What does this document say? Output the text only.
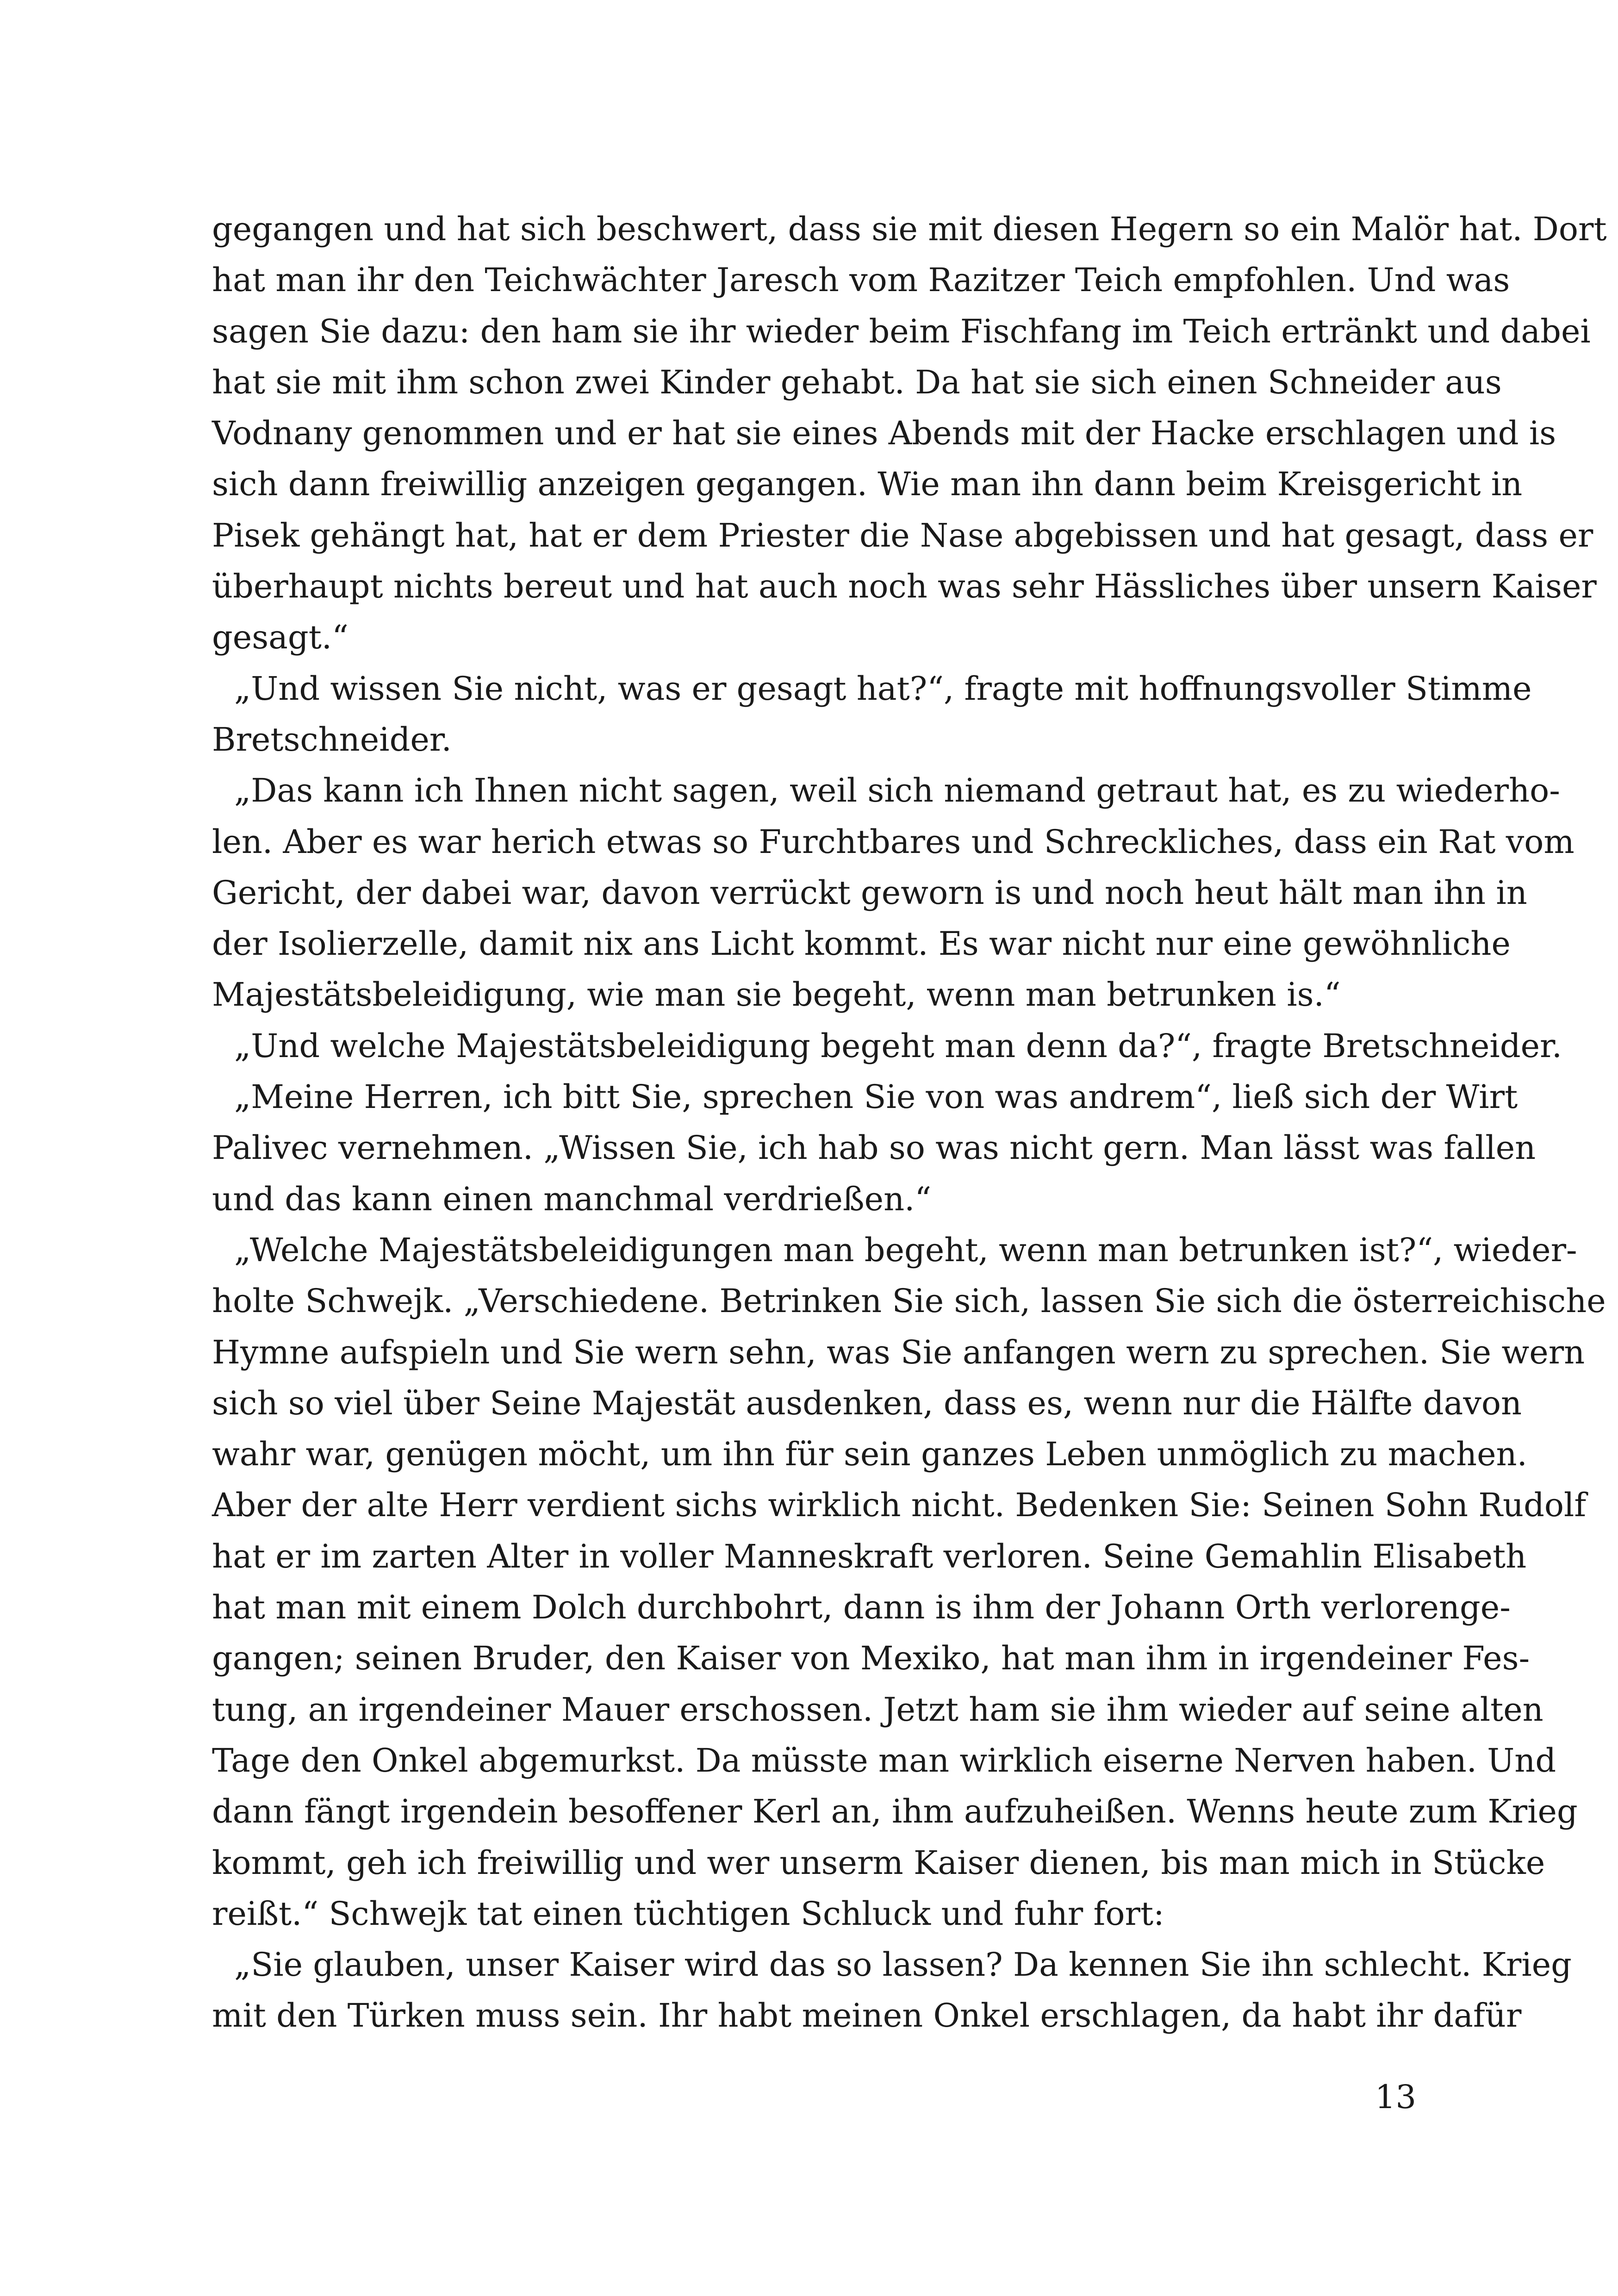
gegangen und hat sich beschwert, dass sie mit diesen Hegern so ein Malör hat. Dort
hat man ihr den Teichwächter Jaresch vom Razitzer Teich empfohlen. Und was
sagen Sie dazu: den ham sie ihr wieder beim Fischfang im Teich ertränkt und dabei
hat sie mit ihm schon zwei Kinder gehabt. Da hat sie sich einen Schneider aus
Vodnany genommen und er hat sie eines Abends mit der Hacke erschlagen und is
sich dann freiwillig anzeigen gegangen. Wie man ihn dann beim Kreisgericht in
Pisek gehängt hat, hat er dem Priester die Nase abgebissen und hat gesagt, dass er
überhaupt nichts bereut und hat auch noch was sehr Hässliches über unsern Kaiser
gesagt.“
„Und wissen Sie nicht, was er gesagt hat?“, fragte mit hoffnungsvoller Stimme
Bretschneider.
„Das kann ich Ihnen nicht sagen, weil sich niemand getraut hat, es zu wiederho-
len. Aber es war herich etwas so Furchtbares und Schreckliches, dass ein Rat vom
Gericht, der dabei war, davon verrückt geworn is und noch heut hält man ihn in
der Isolierzelle, damit nix ans Licht kommt. Es war nicht nur eine gewöhnliche
Majestätsbeleidigung, wie man sie begeht, wenn man betrunken is.“
„Und welche Majestätsbeleidigung begeht man denn da?“, fragte Bretschneider.
„Meine Herren, ich bitt Sie, sprechen Sie von was andrem“, ließ sich der Wirt
Palivec vernehmen. „Wissen Sie, ich hab so was nicht gern. Man lässt was fallen
und das kann einen manchmal verdrießen.“
„Welche Majestätsbeleidigungen man begeht, wenn man betrunken ist?“, wieder-
holte Schwejk. „Verschiedene. Betrinken Sie sich, lassen Sie sich die österreichische
Hymne aufspieln und Sie wern sehn, was Sie anfangen wern zu sprechen. Sie wern
sich so viel über Seine Majestät ausdenken, dass es, wenn nur die Hälfte davon
wahr war, genügen möcht, um ihn für sein ganzes Leben unmöglich zu machen.
Aber der alte Herr verdient sichs wirklich nicht. Bedenken Sie: Seinen Sohn Rudolf
hat er im zarten Alter in voller Manneskraft verloren. Seine Gemahlin Elisabeth
hat man mit einem Dolch durchbohrt, dann is ihm der Johann Orth verlorenge-
gangen; seinen Bruder, den Kaiser von Mexiko, hat man ihm in irgendeiner Fes-
tung, an irgendeiner Mauer erschossen. Jetzt ham sie ihm wieder auf seine alten
Tage den Onkel abgemurkst. Da müsste man wirklich eiserne Nerven haben. Und
dann fängt irgendein besoffener Kerl an, ihm aufzuheißen. Wenns heute zum Krieg
kommt, geh ich freiwillig und wer unserm Kaiser dienen, bis man mich in Stücke
reißt.“ Schwejk tat einen tüchtigen Schluck und fuhr fort:
„Sie glauben, unser Kaiser wird das so lassen? Da kennen Sie ihn schlecht. Krieg
mit den Türken muss sein. Ihr habt meinen Onkel erschlagen, da habt ihr dafür
13
